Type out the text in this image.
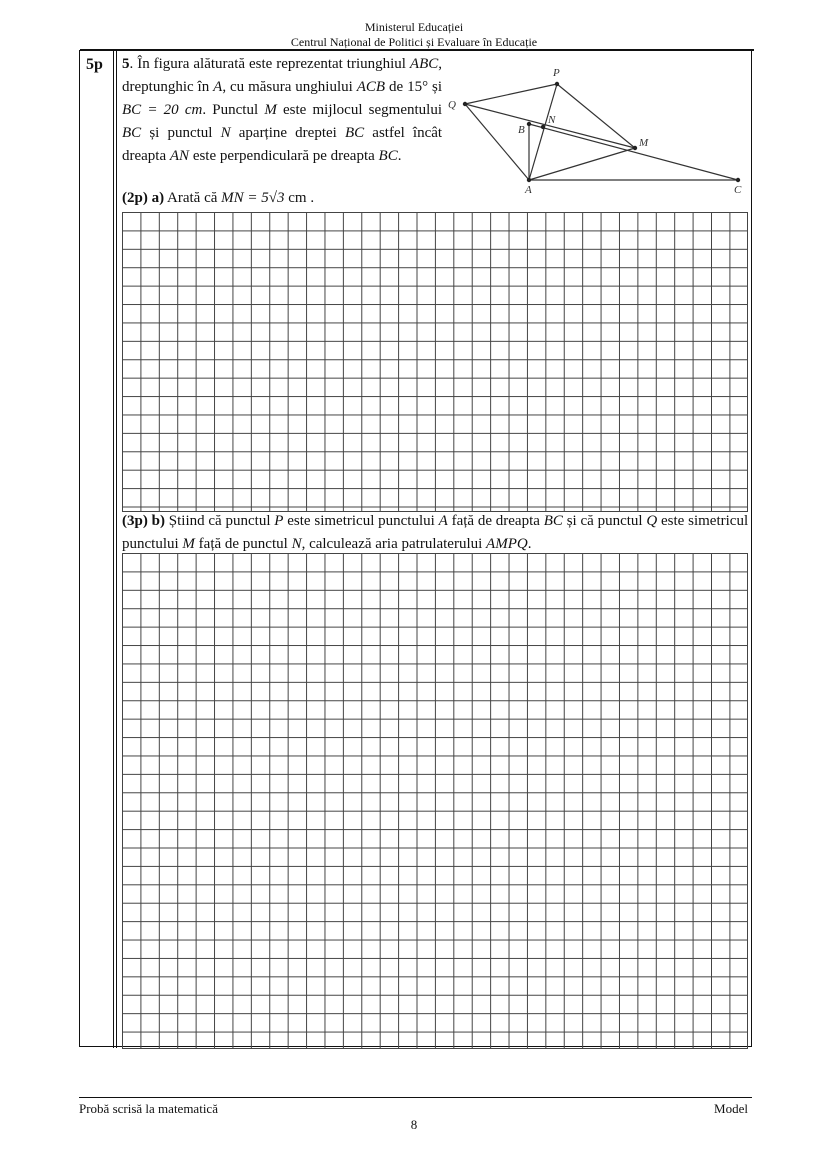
Ministerul Educației
Centrul Național de Politici și Evaluare în Educație
5p 5. În figura alăturată este reprezentat triunghiul ABC, dreptunghic în A, cu măsura unghiului ACB de 15° și BC = 20 cm. Punctul M este mijlocul segmentului BC și punctul N aparține dreptei BC astfel încât dreapta AN este perpendiculară pe dreapta BC.
P
Q
N
B
M
A	C
(2p) a) Arată că MN = 5√3 cm .
(3p) b) Știind că punctul P este simetricul punctului A față de dreapta BC și că punctul Q este simetricul punctului M față de punctul N, calculează aria patrulaterului AMPQ.
Probă scrisă la matematică	Model
8
